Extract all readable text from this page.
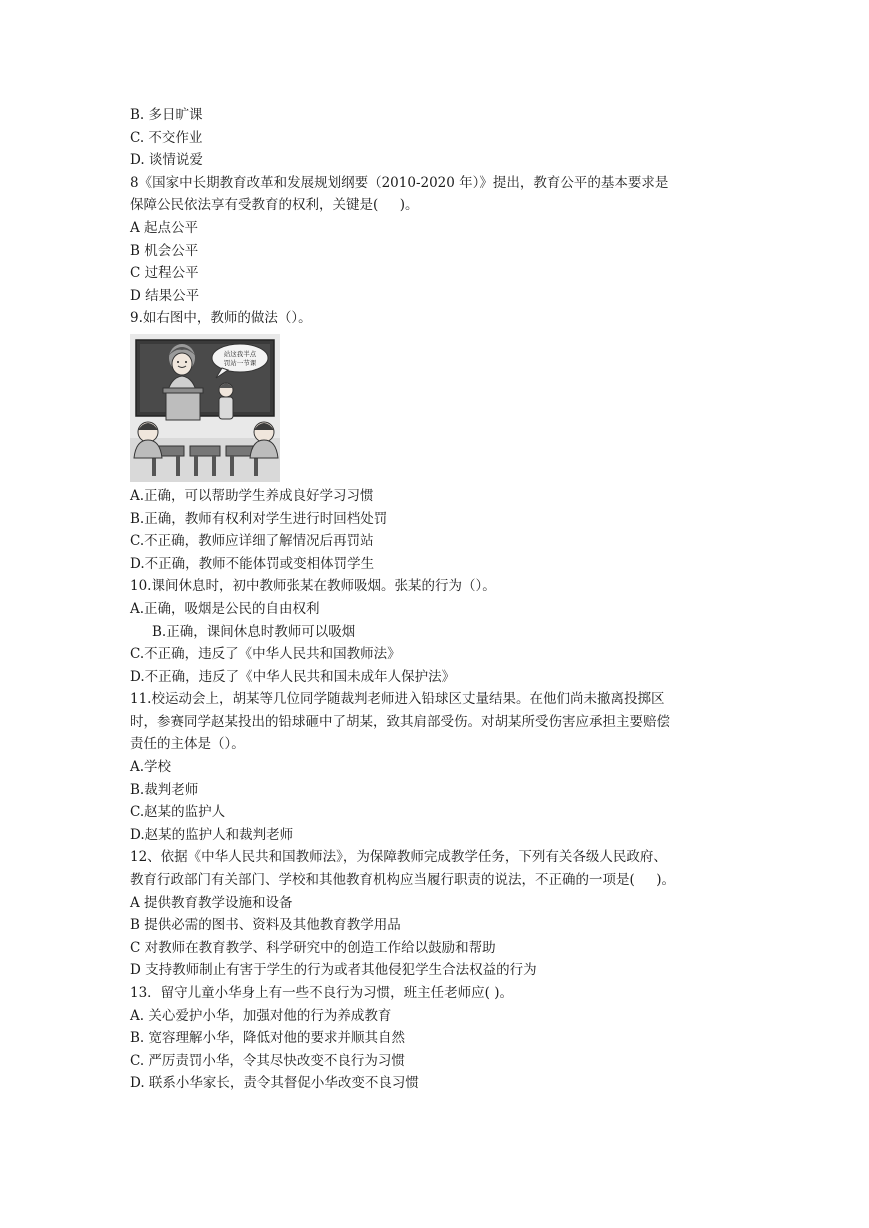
B. 多日旷课
C. 不交作业
D. 谈情说爱
8《国家中长期教育改革和发展规划纲要（2010-2020 年）》提出，教育公平的基本要求是
保障公民依法享有受教育的权利，关键是(     )。
A 起点公平
B 机会公平
C 过程公平
D 结果公平
9.如右图中，教师的做法（）。
站这我半点
罚站一节课
A.正确，可以帮助学生养成良好学习习惯
B.正确，教师有权利对学生进行时回档处罚
C.不正确，教师应详细了解情况后再罚站
D.不正确，教师不能体罚或变相体罚学生
10.课间休息时，初中教师张某在教师吸烟。张某的行为（）。
A.正确，吸烟是公民的自由权利
B.正确，课间休息时教师可以吸烟
C.不正确，违反了《中华人民共和国教师法》
D.不正确，违反了《中华人民共和国未成年人保护法》
11.校运动会上，胡某等几位同学随裁判老师进入铅球区丈量结果。在他们尚未撤离投掷区
时，参赛同学赵某投出的铅球砸中了胡某，致其肩部受伤。对胡某所受伤害应承担主要赔偿
责任的主体是（）。
A.学校
B.裁判老师
C.赵某的监护人
D.赵某的监护人和裁判老师
12、依据《中华人民共和国教师法》，为保障教师完成教学任务，下列有关各级人民政府、
教育行政部门有关部门、学校和其他教育机构应当履行职责的说法，不正确的一项是(     )。
A 提供教育教学设施和设备
B 提供必需的图书、资料及其他教育教学用品
C 对教师在教育教学、科学研究中的创造工作给以鼓励和帮助
D 支持教师制止有害于学生的行为或者其他侵犯学生合法权益的行为
13．留守儿童小华身上有一些不良行为习惯，班主任老师应( )。
A. 关心爱护小华，加强对他的行为养成教育
B. 宽容理解小华，降低对他的要求并顺其自然
C. 严厉责罚小华，令其尽快改变不良行为习惯
D. 联系小华家长，责令其督促小华改变不良习惯
